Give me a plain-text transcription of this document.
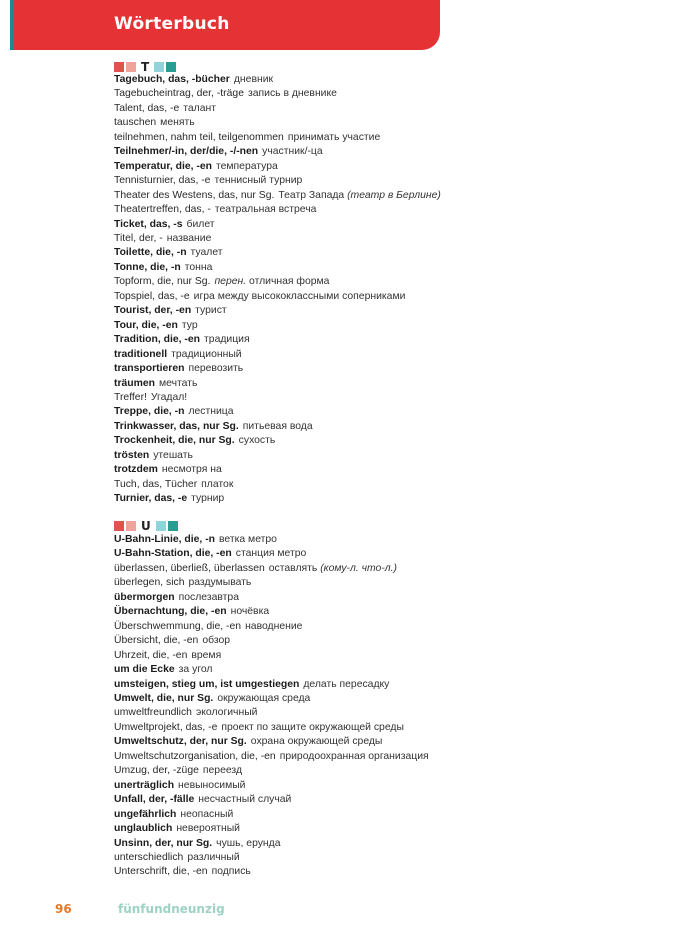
Wörterbuch
T
Tagebuch, das, -bücher дневник
Tagebucheintrag, der, -träge запись в дневнике
Talent, das, -e талант
tauschen менять
teilnehmen, nahm teil, teilgenommen принимать участие
Teilnehmer/-in, der/die, -/-nen участник/-ца
Temperatur, die, -en температура
Tennisturnier, das, -e теннисный турнир
Theater des Westens, das, nur Sg. Театр Запада (театр в Берлине)
Theatertreffen, das, - театральная встреча
Ticket, das, -s билет
Titel, der, - название
Toilette, die, -n туалет
Tonne, die, -n тонна
Topform, die, nur Sg. перен. отличная форма
Topspiel, das, -e игра между высококлассными соперниками
Tourist, der, -en турист
Tour, die, -en тур
Tradition, die, -en традиция
traditionell традиционный
transportieren перевозить
träumen мечтать
Treffer! Угадал!
Treppe, die, -n лестница
Trinkwasser, das, nur Sg. питьевая вода
Trockenheit, die, nur Sg. сухость
trösten утешать
trotzdem несмотря на
Tuch, das, Tücher платок
Turnier, das, -e турнир
U
U-Bahn-Linie, die, -n ветка метро
U-Bahn-Station, die, -en станция метро
überlassen, überließ, überlassen оставлять (кому-л. что-л.)
überlegen, sich раздумывать
übermorgen послезавтра
Übernachtung, die, -en ночёвка
Überschwemmung, die, -en наводнение
Übersicht, die, -en обзор
Uhrzeit, die, -en время
um die Ecke за угол
umsteigen, stieg um, ist umgestiegen делать пересадку
Umwelt, die, nur Sg. окружающая среда
umweltfreundlich экологичный
Umweltprojekt, das, -e проект по защите окружающей среды
Umweltschutz, der, nur Sg. охрана окружающей среды
Umweltschutzorganisation, die, -en природоохранная организация
Umzug, der, -züge переезд
unerträglich невыносимый
Unfall, der, -fälle несчастный случай
ungefährlich неопасный
unglaublich невероятный
Unsinn, der, nur Sg. чушь, ерунда
unterschiedlich различный
Unterschrift, die, -en подпись
96	fünfundneunzig
